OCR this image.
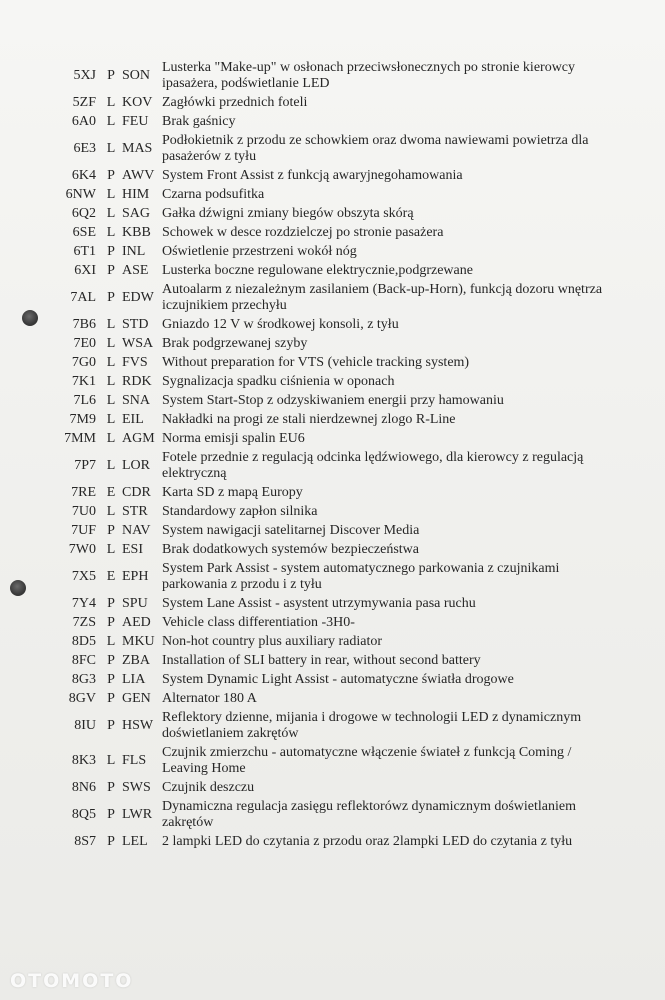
5XJ P SON
Lusterka "Make-up" w osłonach przeciwsłonecznych po stronie kierowcy ipasażera, podświetlanie LED
5ZF L KOV Zagłówki przednich foteli
6A0 L FEU Brak gaśnicy
6E3 L MAS
Podłokietnik z przodu ze schowkiem oraz dwoma nawiewami powietrza dla pasażerów z tyłu
6K4 P AWV System Front Assist z funkcją awaryjnegohamowania
6NW L HIM Czarna podsufitka
6Q2 L SAG Gałka dźwigni zmiany biegów obszyta skórą
6SE L KBB Schowek w desce rozdzielczej po stronie pasażera
6T1 P INL	Oświetlenie przestrzeni wokół nóg
6XI P ASE Lusterka boczne regulowane elektrycznie,podgrzewane
7AL P EDW
Autoalarm z niezależnym zasilaniem (Back-up-Horn), funkcją dozoru wnętrza iczujnikiem przechyłu
7B6 L STD Gniazdo 12 V w środkowej konsoli, z tyłu
7E0 L WSA Brak podgrzewanej szyby
7G0 L FVS	Without preparation for VTS (vehicle tracking system)
7K1 L RDK Sygnalizacja spadku ciśnienia w oponach
7L6 L SNA System Start-Stop z odzyskiwaniem energii przy hamowaniu
7M9 L EIL	Nakładki na progi ze stali nierdzewnej zlogo R-Line
7MM L AGM Norma emisji spalin EU6
7P7 L LOR
Fotele przednie z regulacją odcinka lędźwiowego, dla kierowcy z regulacją elektryczną
7RE E CDR Karta SD z mapą Europy
7U0 L STR	Standardowy zapłon silnika
7UF P NAV System nawigacji satelitarnej Discover Media
7W0 L ESI	Brak dodatkowych systemów bezpieczeństwa
7X5 E EPH
System Park Assist - system automatycznego parkowania z czujnikami parkowania z przodu i z tyłu
7Y4 P SPU	System Lane Assist - asystent utrzymywania pasa ruchu
7ZS P AED Vehicle class differentiation -3H0-
8D5 L MKU Non-hot country plus auxiliary radiator
8FC P ZBA Installation of SLI battery in rear, without second battery
8G3 P LIA	System Dynamic Light Assist - automatyczne światła drogowe
8GV P GEN Alternator 180 A
8IU P HSW
Reflektory dzienne, mijania i drogowe w technologii LED z dynamicznym doświetlaniem zakrętów
8K3 L FLS
Czujnik zmierzchu - automatyczne włączenie świateł z funkcją Coming / Leaving Home
8N6 P SWS Czujnik deszczu
8Q5 P LWR
Dynamiczna regulacja zasięgu reflektorówz dynamicznym doświetlaniem zakrętów
8S7 P LEL	2 lampki LED do czytania z przodu oraz 2lampki LED do czytania z tyłu
OTOMOTO
